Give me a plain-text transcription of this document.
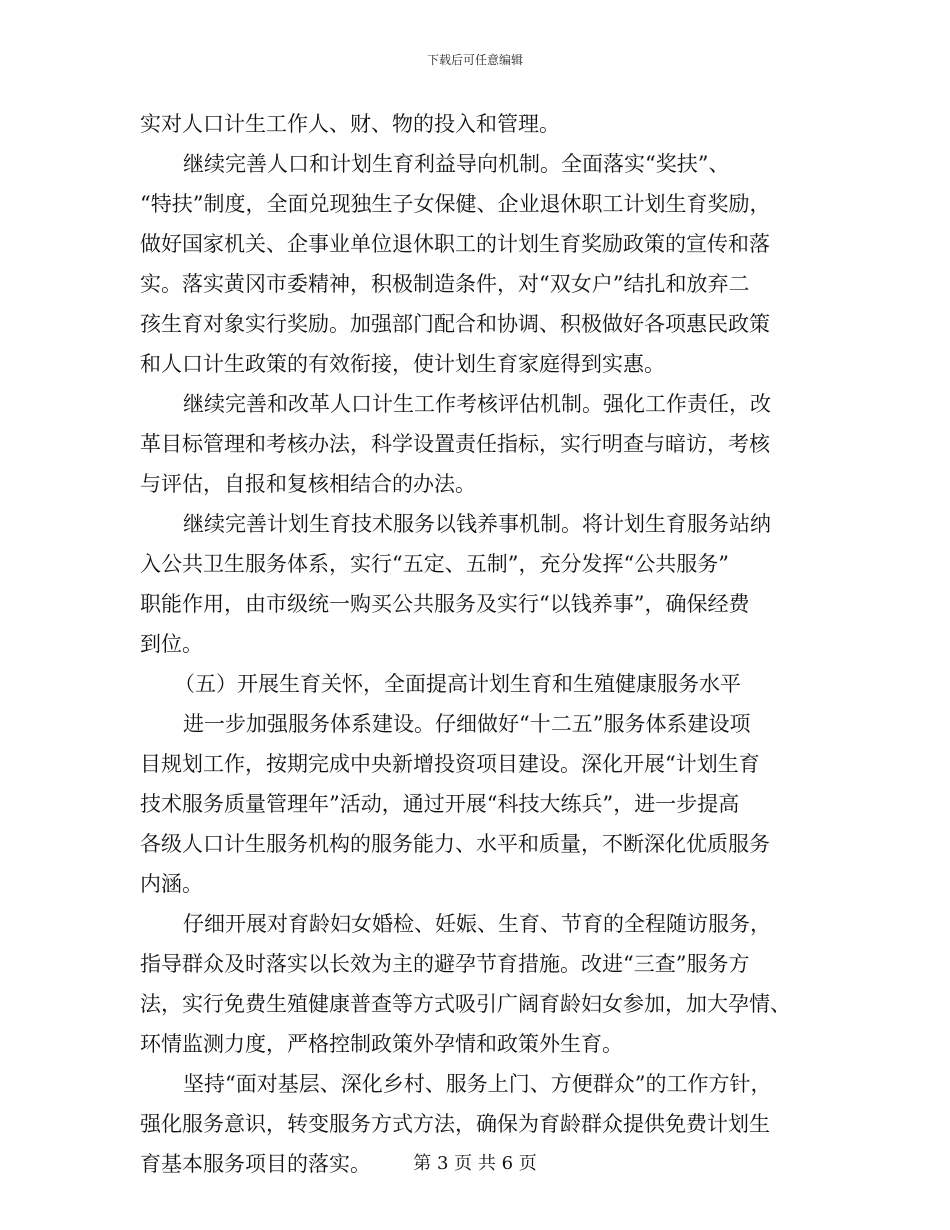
下载后可任意编辑
实对人口计生工作人、财、物的投入和管理。
继续完善人口和计划生育利益导向机制。全面落实“奖扶”、
“特扶”制度，全面兑现独生子女保健、企业退休职工计划生育奖励，
做好国家机关、企事业单位退休职工的计划生育奖励政策的宣传和落
实。落实黄冈市委精神，积极制造条件，对“双女户”结扎和放弃二
孩生育对象实行奖励。加强部门配合和协调、积极做好各项惠民政策
和人口计生政策的有效衔接，使计划生育家庭得到实惠。
继续完善和改革人口计生工作考核评估机制。强化工作责任，改
革目标管理和考核办法，科学设置责任指标，实行明查与暗访，考核
与评估，自报和复核相结合的办法。
继续完善计划生育技术服务以钱养事机制。将计划生育服务站纳
入公共卫生服务体系，实行“五定、五制”，充分发挥“公共服务”
职能作用，由市级统一购买公共服务及实行“以钱养事”，确保经费
到位。
（五）开展生育关怀，全面提高计划生育和生殖健康服务水平
进一步加强服务体系建设。仔细做好“十二五”服务体系建设项
目规划工作，按期完成中央新增投资项目建设。深化开展“计划生育
技术服务质量管理年”活动，通过开展“科技大练兵”，进一步提高
各级人口计生服务机构的服务能力、水平和质量，不断深化优质服务
内涵。
仔细开展对育龄妇女婚检、妊娠、生育、节育的全程随访服务，
指导群众及时落实以长效为主的避孕节育措施。改进“三查”服务方
法，实行免费生殖健康普查等方式吸引广阔育龄妇女参加，加大孕情、
环情监测力度，严格控制政策外孕情和政策外生育。
坚持“面对基层、深化乡村、服务上门、方便群众”的工作方针，
强化服务意识，转变服务方式方法，确保为育龄群众提供免费计划生
育基本服务项目的落实。	第 3 页 共 6 页
